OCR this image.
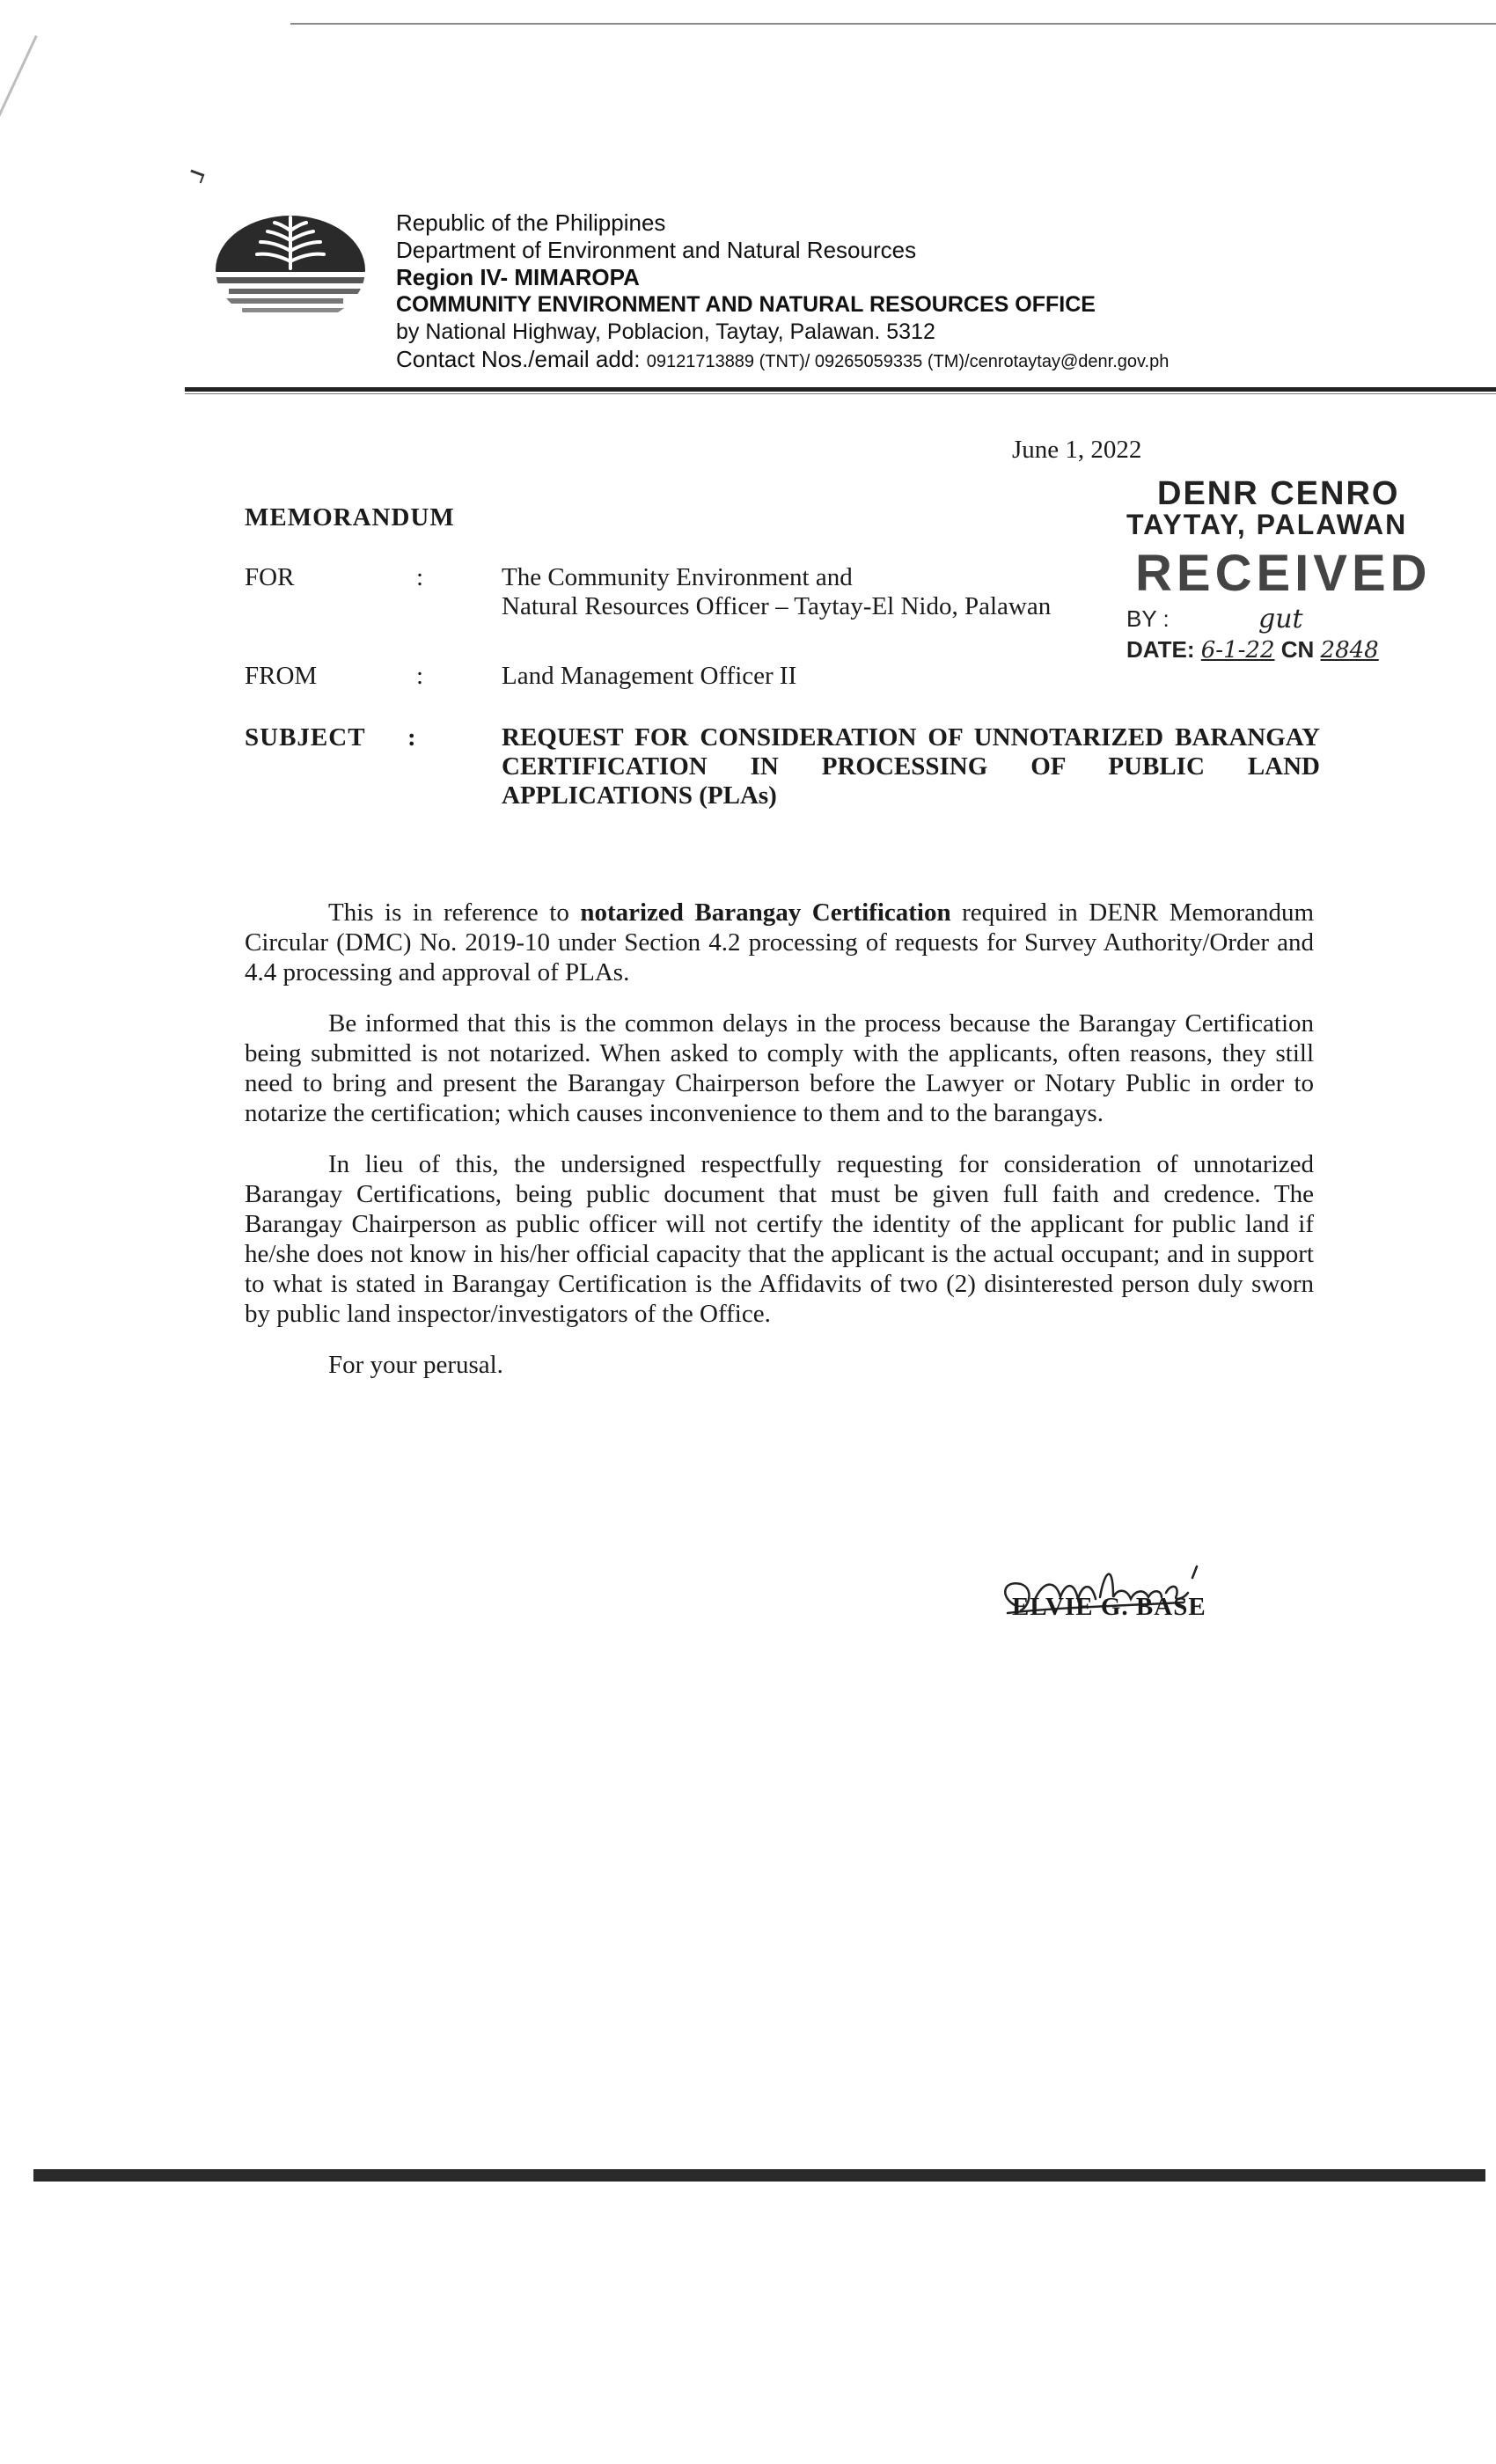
Republic of the Philippines
Department of Environment and Natural Resources
Region IV- MIMAROPA
COMMUNITY ENVIRONMENT AND NATURAL RESOURCES OFFICE
by National Highway, Poblacion, Taytay, Palawan. 5312
Contact Nos./email add: 09121713889 (TNT)/ 09265059335 (TM)/cenrotaytay@denr.gov.ph
June 1, 2022
DENR CENRO
TAYTAY, PALAWAN
RECEIVED
BY :	gut
DATE: 6-1-22 CN 2848
MEMORANDUM
FOR	:	The Community Environment and
Natural Resources Officer – Taytay-El Nido, Palawan
FROM	:	Land Management Officer II
SUBJECT	:	REQUEST FOR CONSIDERATION OF UNNOTARIZED BARANGAY CERTIFICATION IN PROCESSING OF PUBLIC LAND APPLICATIONS (PLAs)

This is in reference to notarized Barangay Certification required in DENR Memorandum Circular (DMC) No. 2019-10 under Section 4.2 processing of requests for Survey Authority/Order and 4.4 processing and approval of PLAs.

Be informed that this is the common delays in the process because the Barangay Certification being submitted is not notarized. When asked to comply with the applicants, often reasons, they still need to bring and present the Barangay Chairperson before the Lawyer or Notary Public in order to notarize the certification; which causes inconvenience to them and to the barangays.

In lieu of this, the undersigned respectfully requesting for consideration of unnotarized Barangay Certifications, being public document that must be given full faith and credence. The Barangay Chairperson as public officer will not certify the identity of the applicant for public land if he/she does not know in his/her official capacity that the applicant is the actual occupant; and in support to what is stated in Barangay Certification is the Affidavits of two (2) disinterested person duly sworn by public land inspector/investigators of the Office.

For your perusal.

ELVIE G. BASE
